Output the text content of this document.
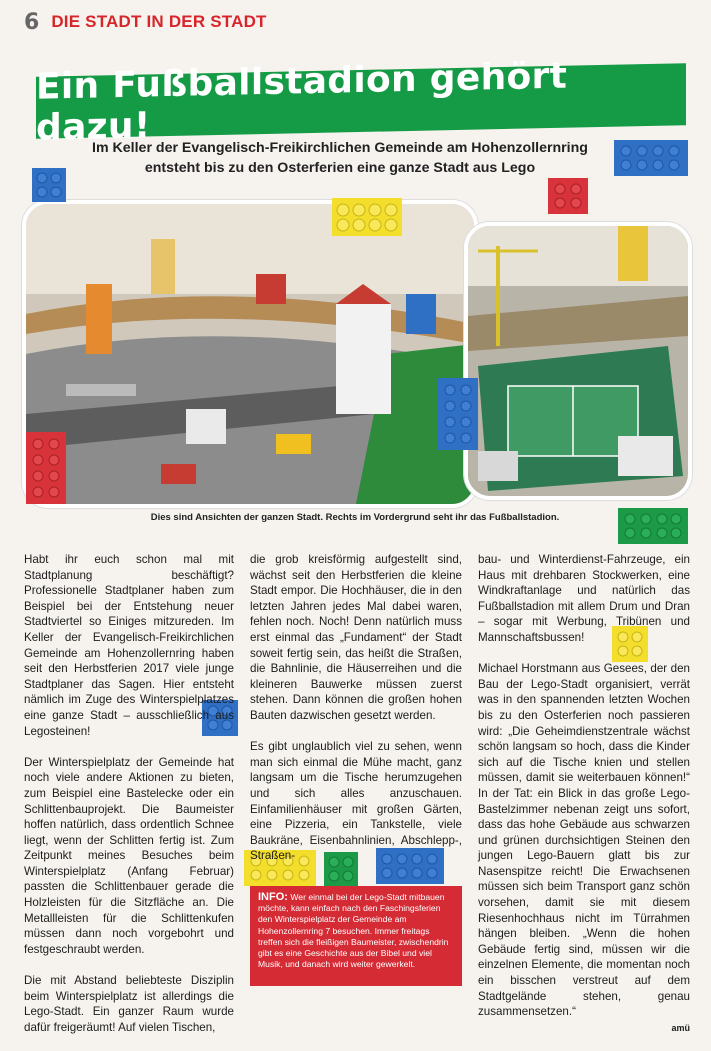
6 DIE STADT IN DER STADT
Ein Fußballstadion gehört dazu!
Im Keller der Evangelisch-Freikirchlichen Gemeinde am Hohenzollernring
entsteht bis zu den Osterferien eine ganze Stadt aus Lego
Dies sind Ansichten der ganzen Stadt. Rechts im Vordergrund seht ihr das Fußballstadion.

Habt ihr euch schon mal mit Stadtplanung beschäftigt? Professionelle Stadtplaner haben zum Beispiel bei der Entstehung neuer Stadtviertel so Einiges mitzureden. Im Keller der Evangelisch-Freikirchlichen Gemeinde am Hohenzollernring haben seit den Herbstferien 2017 viele junge Stadtplaner das Sagen. Hier entsteht nämlich im Zuge des Winterspielplatzes eine ganze Stadt – ausschließlich aus Legosteinen!

Der Winterspielplatz der Gemeinde hat noch viele andere Aktionen zu bieten, zum Beispiel eine Bastelecke oder ein Schlittenbauprojekt. Die Baumeister hoffen natürlich, dass ordentlich Schnee liegt, wenn der Schlitten fertig ist. Zum Zeitpunkt meines Besuches beim Winterspielplatz (Anfang Februar) passten die Schlittenbauer gerade die Holzleisten für die Sitzfläche an. Die Metallleisten für die Schlittenkufen müssen dann noch vorgebohrt und festgeschraubt werden.

Die mit Abstand beliebteste Disziplin beim Winterspielplatz ist allerdings die Lego-Stadt. Ein ganzer Raum wurde dafür freigeräumt! Auf vielen Tischen,

die grob kreisförmig aufgestellt sind, wächst seit den Herbstferien die kleine Stadt empor. Die Hochhäuser, die in den letzten Jahren jedes Mal dabei waren, fehlen noch. Noch! Denn natürlich muss erst einmal das „Fundament“ der Stadt soweit fertig sein, das heißt die Straßen, die Bahnlinie, die Häuserreihen und die kleineren Bauwerke müssen zuerst stehen. Dann können die großen hohen Bauten dazwischen gesetzt werden.

Es gibt unglaublich viel zu sehen, wenn man sich einmal die Mühe macht, ganz langsam um die Tische herumzugehen und sich alles anzuschauen. Einfamilienhäuser mit großen Gärten, eine Pizzeria, ein Tankstelle, viele Baukräne, Eisenbahnlinien, Abschlepp-, Straßen-

INFO: Wer einmal bei der Lego-Stadt mitbauen möchte, kann einfach nach den Faschingsferien den Winterspielplatz der Gemeinde am Hohenzollernring 7 besuchen. Immer freitags treffen sich die fleißigen Baumeister, zwischendrin gibt es eine Geschichte aus der Bibel und viel Musik, und danach wird weiter gewerkelt.

bau- und Winterdienst-Fahrzeuge, ein Haus mit drehbaren Stockwerken, eine Windkraftanlage und natürlich das Fußballstadion mit allem Drum und Dran – sogar mit Werbung, Tribünen und Mannschaftsbussen!

Michael Horstmann aus Gesees, der den Bau der Lego-Stadt organisiert, verrät was in den spannenden letzten Wochen bis zu den Osterferien noch passieren wird: „Die Geheimdienstzentrale wächst schön langsam so hoch, dass die Kinder sich auf die Tische knien und stellen müssen, damit sie weiterbauen können!“ In der Tat: ein Blick in das große Lego-Bastelzimmer nebenan zeigt uns sofort, dass das hohe Gebäude aus schwarzen und grünen durchsichtigen Steinen den jungen Lego-Bauern glatt bis zur Nasenspitze reicht! Die Erwachsenen müssen sich beim Transport ganz schön vorsehen, damit sie mit diesem Riesenhochhaus nicht im Türrahmen hängen bleiben. „Wenn die hohen Gebäude fertig sind, müssen wir die einzelnen Elemente, die momentan noch ein bisschen verstreut auf dem Stadtgelände stehen, genau zusammensetzen.“

amü
